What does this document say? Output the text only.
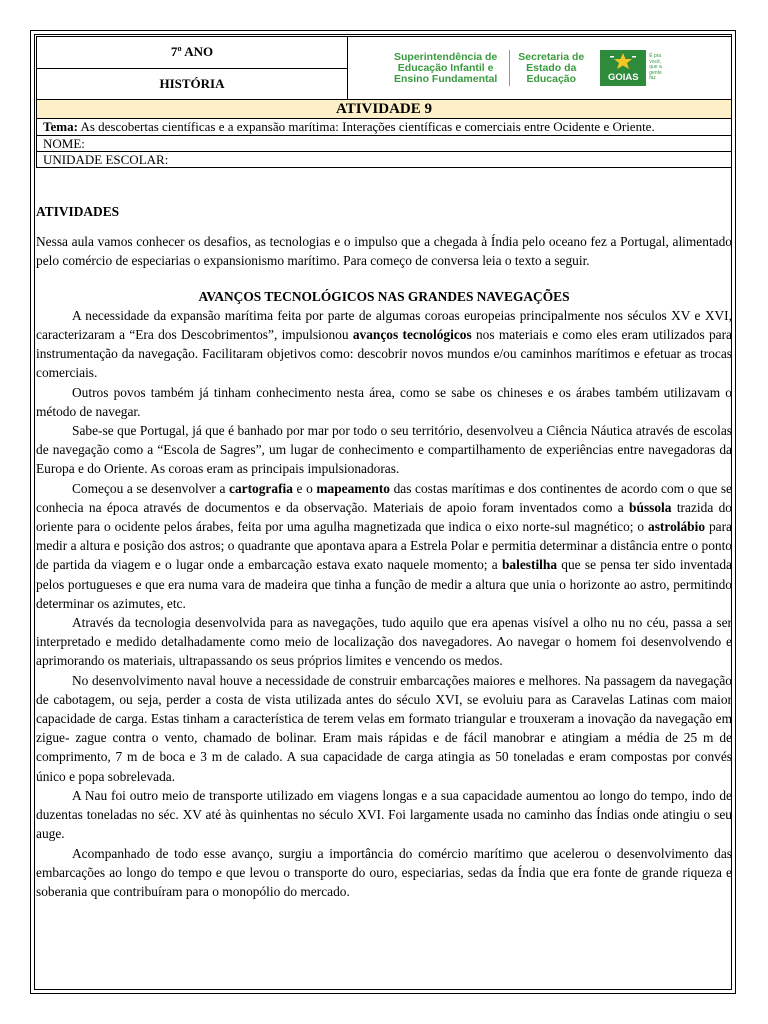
7º ANO
HISTÓRIA
Superintendência de
Educação Infantil e
Ensino Fundamental
Secretaria de
Estado da
Educação	GOIAS
É pra você, que a gente faz
ATIVIDADE 9
Tema: As descobertas científicas e a expansão marítima: Interações científicas e comerciais entre Ocidente e Oriente.
NOME:
UNIDADE ESCOLAR:

ATIVIDADES

Nessa aula vamos conhecer os desafios, as tecnologias e o impulso que a chegada à Índia pelo oceano fez a Portugal, alimentado pelo comércio de especiarias o expansionismo marítimo. Para começo de conversa leia o texto a seguir.

AVANÇOS TECNOLÓGICOS NAS GRANDES NAVEGAÇÕES

A necessidade da expansão marítima feita por parte de algumas coroas europeias principalmente nos séculos XV e XVI, caracterizaram a “Era dos Descobrimentos”, impulsionou avanços tecnológicos nos materiais e como eles eram utilizados para instrumentação da navegação. Facilitaram objetivos como: descobrir novos mundos e/ou caminhos marítimos e efetuar as trocas comerciais.

Outros povos também já tinham conhecimento nesta área, como se sabe os chineses e os árabes também utilizavam o método de navegar.

Sabe-se que Portugal, já que é banhado por mar por todo o seu território, desenvolveu a Ciência Náutica através de escolas de navegação como a “Escola de Sagres”, um lugar de conhecimento e compartilhamento de experiências entre navegadoras da Europa e do Oriente. As coroas eram as principais impulsionadoras.

Começou a se desenvolver a cartografia e o mapeamento das costas marítimas e dos continentes de acordo com o que se conhecia na época através de documentos e da observação. Materiais de apoio foram inventados como a bússola trazida do oriente para o ocidente pelos árabes, feita por uma agulha magnetizada que indica o eixo norte-sul magnético; o astrolábio para medir a altura e posição dos astros; o quadrante que apontava apara a Estrela Polar e permitia determinar a distância entre o ponto de partida da viagem e o lugar onde a embarcação estava exato naquele momento; a balestilha que se pensa ter sido inventada pelos portugueses e que era numa vara de madeira que tinha a função de medir a altura que unia o horizonte ao astro, permitindo determinar os azimutes, etc.

Através da tecnologia desenvolvida para as navegações, tudo aquilo que era apenas visível a olho nu no céu, passa a ser interpretado e medido detalhadamente como meio de localização dos navegadores. Ao navegar o homem foi desenvolvendo e aprimorando os materiais, ultrapassando os seus próprios limites e vencendo os medos.

No desenvolvimento naval houve a necessidade de construir embarcações maiores e melhores. Na passagem da navegação de cabotagem, ou seja, perder a costa de vista utilizada antes do século XVI, se evoluiu para as Caravelas Latinas com maior capacidade de carga. Estas tinham a característica de terem velas em formato triangular e trouxeram a inovação da navegação em zigue- zague contra o vento, chamado de bolinar. Eram mais rápidas e de fácil manobrar e atingiam a média de 25 m de comprimento, 7 m de boca e 3 m de calado. A sua capacidade de carga atingia as 50 toneladas e eram compostas por convés único e popa sobrelevada.

A Nau foi outro meio de transporte utilizado em viagens longas e a sua capacidade aumentou ao longo do tempo, indo de duzentas toneladas no séc. XV até às quinhentas no século XVI. Foi largamente usada no caminho das Índias onde atingiu o seu auge.

Acompanhado de todo esse avanço, surgiu a importância do comércio marítimo que acelerou o desenvolvimento das embarcações ao longo do tempo e que levou o transporte do ouro, especiarias, sedas da Índia que era fonte de grande riqueza e soberania que contribuíram para o monopólio do mercado.
